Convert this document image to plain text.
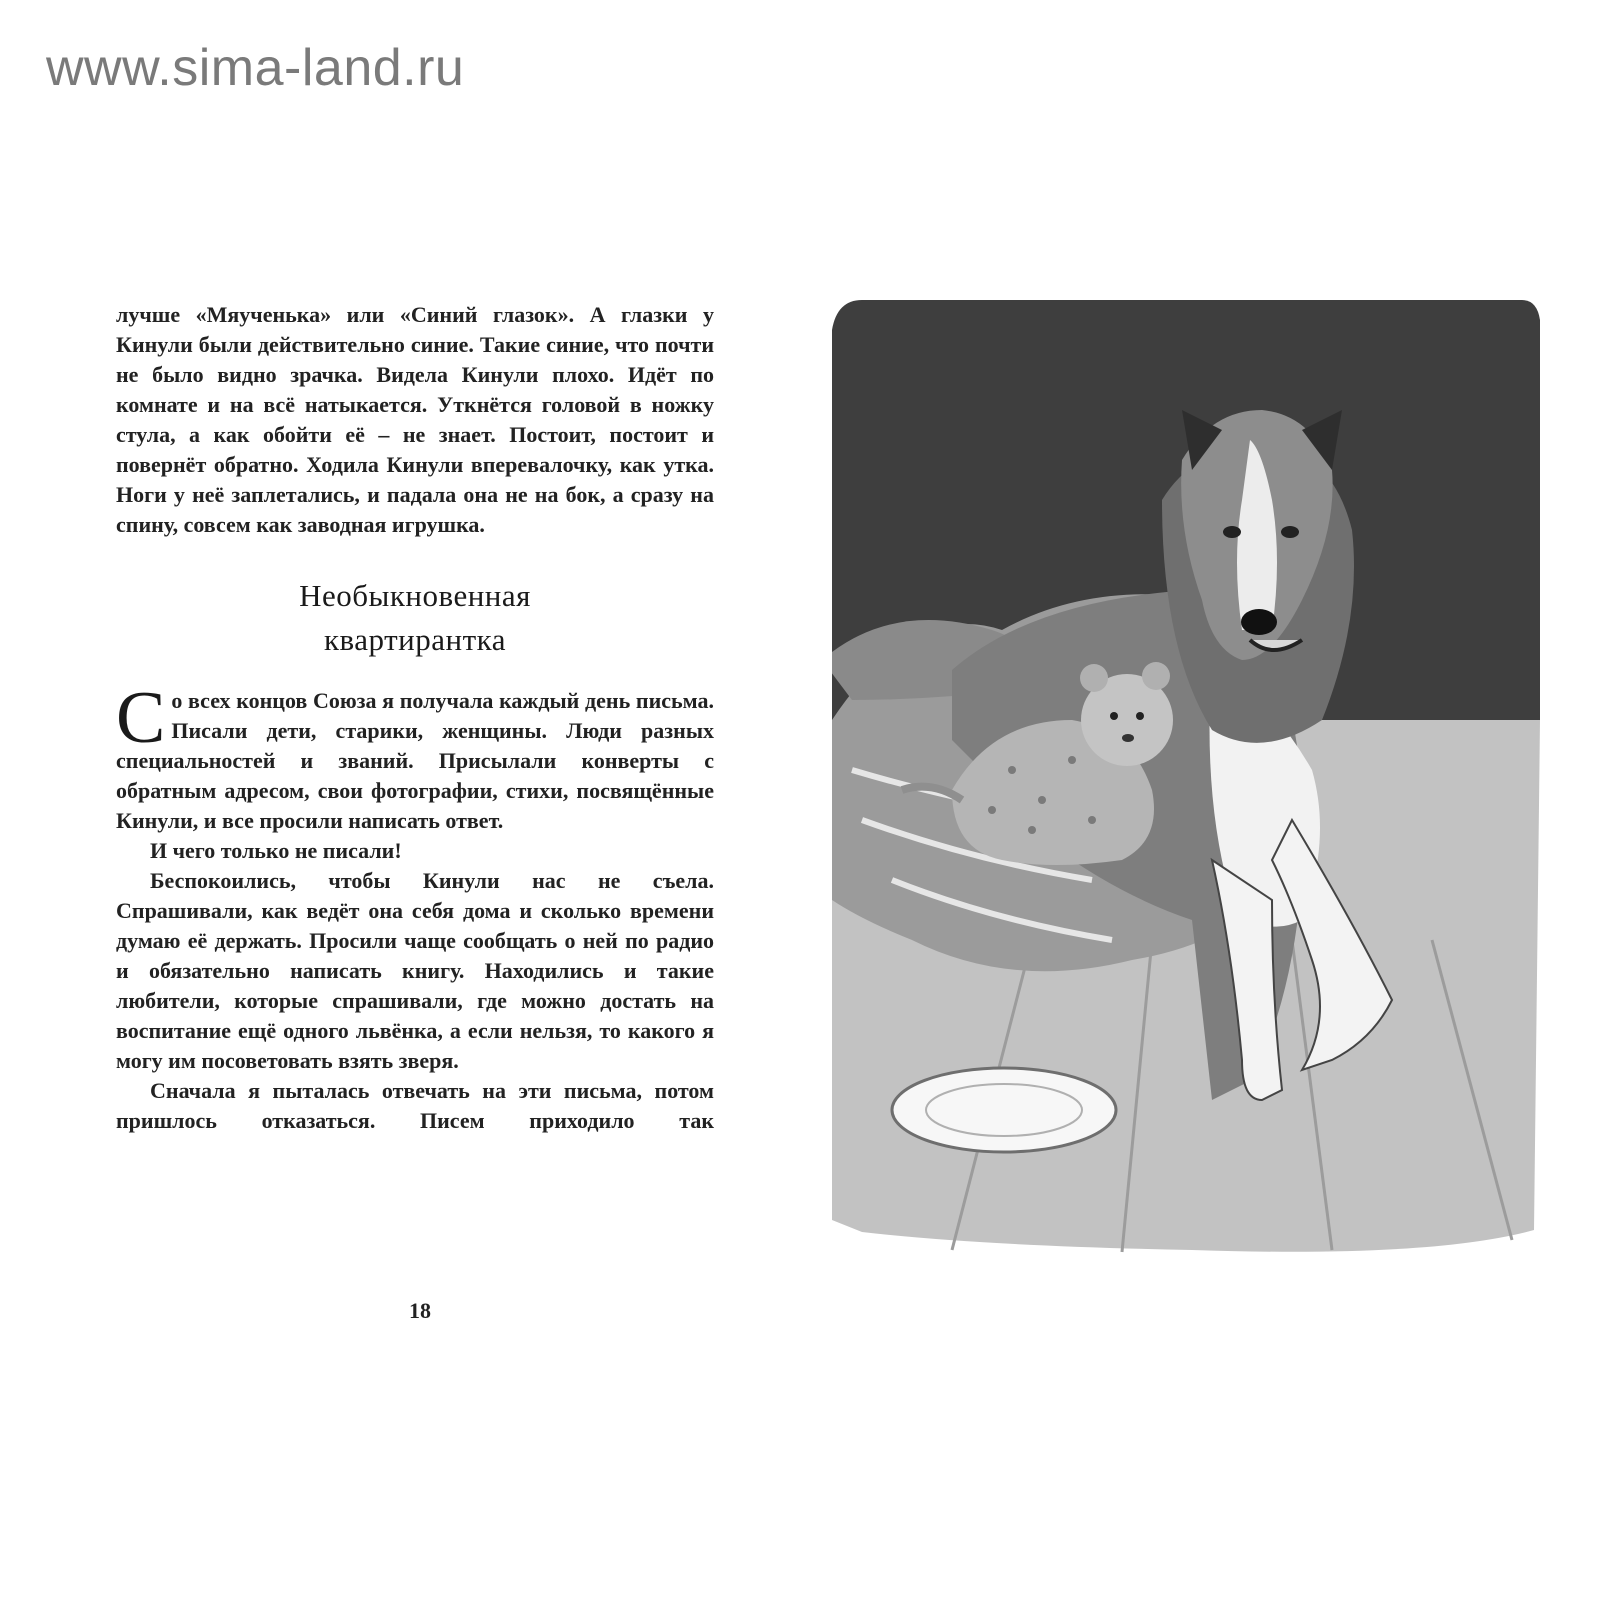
www.sima-land.ru

лучше «Мяученька» или «Синий глазок». А глазки у Кинули были действительно синие. Такие синие, что почти не было видно зрачка. Видела Кинули плохо. Идёт по комнате и на всё натыкается. Уткнётся головой в ножку стула, а как обойти её – не знает. Постоит, постоит и повернёт обратно. Ходила Кинули вперевалочку, как утка. Ноги у неё заплетались, и падала она не на бок, а сразу на спину, совсем как заводная игрушка.

Необыкновенная
квартирантка

Со всех концов Союза я получала каждый день письма. Писали дети, старики, женщины. Люди разных специальностей и званий. Присылали конверты с обратным адресом, свои фотографии, стихи, посвящённые Кинули, и все просили написать ответ.

И чего только не писали!

Беспокоились, чтобы Кинули нас не съела. Спрашивали, как ведёт она себя дома и сколько времени думаю её держать. Просили чаще сообщать о ней по радио и обязательно написать книгу. Находились и такие любители, которые спрашивали, где можно достать на воспитание ещё одного львёнка, а если нельзя, то какого я могу им посоветовать взять зверя.

Сначала я пыталась отвечать на эти письма, потом пришлось отказаться. Писем приходило так

18
